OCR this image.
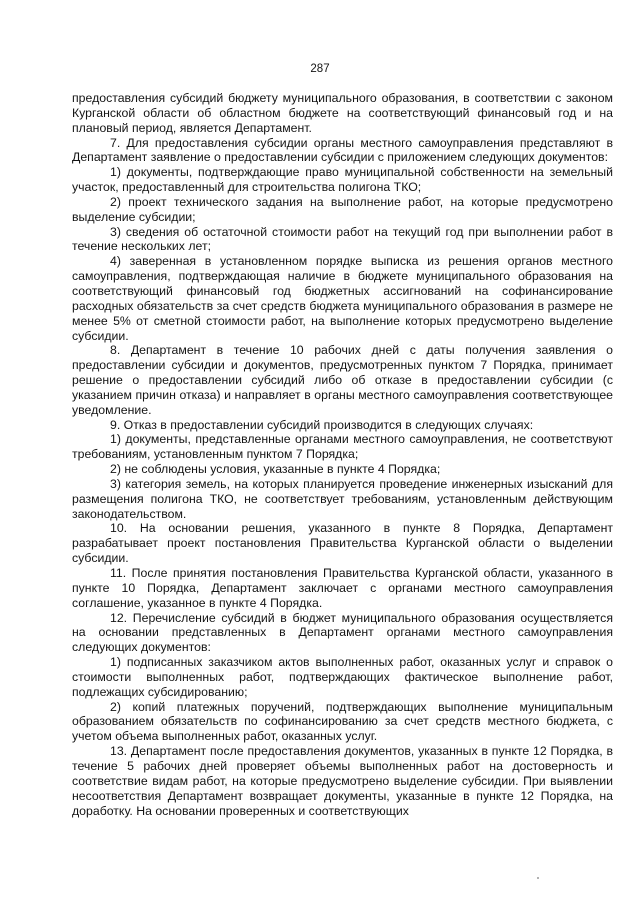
287

предоставления субсидий бюджету муниципального образования, в соответствии с законом Курганской области об областном бюджете на соответствующий финансовый год и на плановый период, является Департамент.

7. Для предоставления субсидии органы местного самоуправления представляют в Департамент заявление о предоставлении субсидии с приложением следующих документов:

1) документы, подтверждающие право муниципальной собственности на земельный участок, предоставленный для строительства полигона ТКО;

2) проект технического задания на выполнение работ, на которые предусмотрено выделение субсидии;

3) сведения об остаточной стоимости работ на текущий год при выполнении работ в течение нескольких лет;

4) заверенная в установленном порядке выписка из решения органов местного самоуправления, подтверждающая наличие в бюджете муниципального образования на соответствующий финансовый год бюджетных ассигнований на софинансирование расходных обязательств за счет средств бюджета муниципального образования в размере не менее 5% от сметной стоимости работ, на выполнение которых предусмотрено выделение субсидии.

8. Департамент в течение 10 рабочих дней с даты получения заявления о предоставлении субсидии и документов, предусмотренных пунктом 7 Порядка, принимает решение о предоставлении субсидий либо об отказе в предоставлении субсидии (с указанием причин отказа) и направляет в органы местного самоуправления соответствующее уведомление.

9. Отказ в предоставлении субсидий производится в следующих случаях:

1) документы, представленные органами местного самоуправления, не соответствуют требованиям, установленным пунктом 7 Порядка;

2) не соблюдены условия, указанные в пункте 4 Порядка;

3) категория земель, на которых планируется проведение инженерных изысканий для размещения полигона ТКО, не соответствует требованиям, установленным действующим законодательством.

10. На основании решения, указанного в пункте 8 Порядка, Департамент разрабатывает проект постановления Правительства Курганской области о выделении субсидии.

11. После принятия постановления Правительства Курганской области, указанного в пункте 10 Порядка, Департамент заключает с органами местного самоуправления соглашение, указанное в пункте 4 Порядка.

12. Перечисление субсидий в бюджет муниципального образования осуществляется на основании представленных в Департамент органами местного самоуправления следующих документов:

1) подписанных заказчиком актов выполненных работ, оказанных услуг и справок о стоимости выполненных работ, подтверждающих фактическое выполнение работ, подлежащих субсидированию;

2) копий платежных поручений, подтверждающих выполнение муниципальным образованием обязательств по софинансированию за счет средств местного бюджета, с учетом объема выполненных работ, оказанных услуг.

13. Департамент после предоставления документов, указанных в пункте 12 Порядка, в течение 5 рабочих дней проверяет объемы выполненных работ на достоверность и соответствие видам работ, на которые предусмотрено выделение субсидии. При выявлении несоответствия Департамент возвращает документы, указанные в пункте 12 Порядка, на доработку. На основании проверенных и соответствующих
